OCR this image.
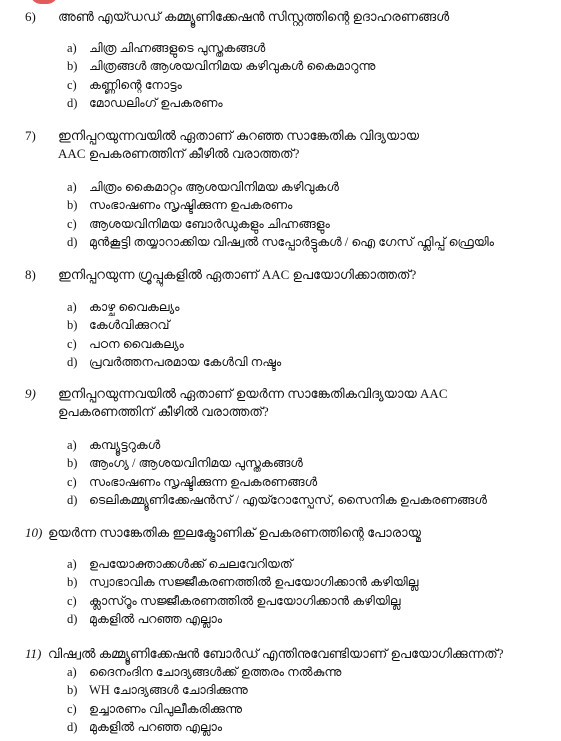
6) അൺ എയ്ഡഡ് കമ്മ്യൂണിക്കേഷൻ സിസ്റ്റത്തിന്റെ ഉദാഹരണങ്ങൾ
a) ചിത്ര ചിഹ്നങ്ങളുടെ പുസ്തകങ്ങൾ
b) ചിത്രങ്ങൾ ആശയവിനിമയ കഴിവുകൾ കൈമാറുന്നു
c) കണ്ണിന്റെ നോട്ടം
d) മോഡലിംഗ് ഉപകരണം
7) ഇനിപ്പറയുന്നവയിൽ ഏതാണ് കുറഞ്ഞ സാങ്കേതിക വിദ്യയായ
AAC ഉപകരണത്തിന് കീഴിൽ വരാത്തത്?
a) ചിത്രം കൈമാറ്റം ആശയവിനിമയ കഴിവുകൾ
b) സംഭാഷണം സൃഷ്ടിക്കുന്ന ഉപകരണം
c) ആശയവിനിമയ ബോർഡുകളും ചിഹ്നങ്ങളും
d) മുൻകൂട്ടി തയ്യാറാക്കിയ വിഷ്വൽ സപ്പോർട്ടുകൾ / ഐ ഗേസ് ഫ്ലിപ്പ് ഫ്രെയിം
8) ഇനിപ്പറയുന്ന ഗ്രൂപ്പുകളിൽ ഏതാണ് AAC ഉപയോഗിക്കാത്തത്?
a) കാഴ്ച വൈകല്യം
b) കേൾവിക്കുറവ്
c) പഠന വൈകല്യം
d) പ്രവർത്തനപരമായ കേൾവി നഷ്ടം
9) ഇനിപ്പറയുന്നവയിൽ ഏതാണ് ഉയർന്ന സാങ്കേതികവിദ്യയായ AAC
ഉപകരണത്തിന് കീഴിൽ വരാത്തത്?
a) കമ്പ്യൂട്ടറുകൾ
b) ആംഗ്യ / ആശയവിനിമയ പുസ്തകങ്ങൾ
c) സംഭാഷണം സൃഷ്ടിക്കുന്ന ഉപകരണങ്ങൾ
d) ടെലികമ്മ്യൂണിക്കേഷൻസ് / എയ്റോസ്പേസ്, സൈനിക ഉപകരണങ്ങൾ
10) ഉയർന്ന സാങ്കേതിക ഇലക്ട്രോണിക് ഉപകരണത്തിന്റെ പോരായ്മ
a) ഉപയോക്താക്കൾക്ക് ചെലവേറിയത്
b) സ്വാഭാവിക സജ്ജീകരണത്തിൽ ഉപയോഗിക്കാൻ കഴിയില്ല
c) ക്ലാസ്റൂം സജ്ജീകരണത്തിൽ ഉപയോഗിക്കാൻ കഴിയില്ല
d) മുകളിൽ പറഞ്ഞ എല്ലാം
11) വിഷ്വൽ കമ്മ്യൂണിക്കേഷൻ ബോർഡ് എന്തിനുവേണ്ടിയാണ് ഉപയോഗിക്കുന്നത്?
a) ദൈനംദിന ചോദ്യങ്ങൾക്ക് ഉത്തരം നൽകുന്നു
b) WH ചോദ്യങ്ങൾ ചോദിക്കുന്നു
c) ഉച്ചാരണം വിപുലീകരിക്കുന്നു
d) മുകളിൽ പറഞ്ഞ എല്ലാം
